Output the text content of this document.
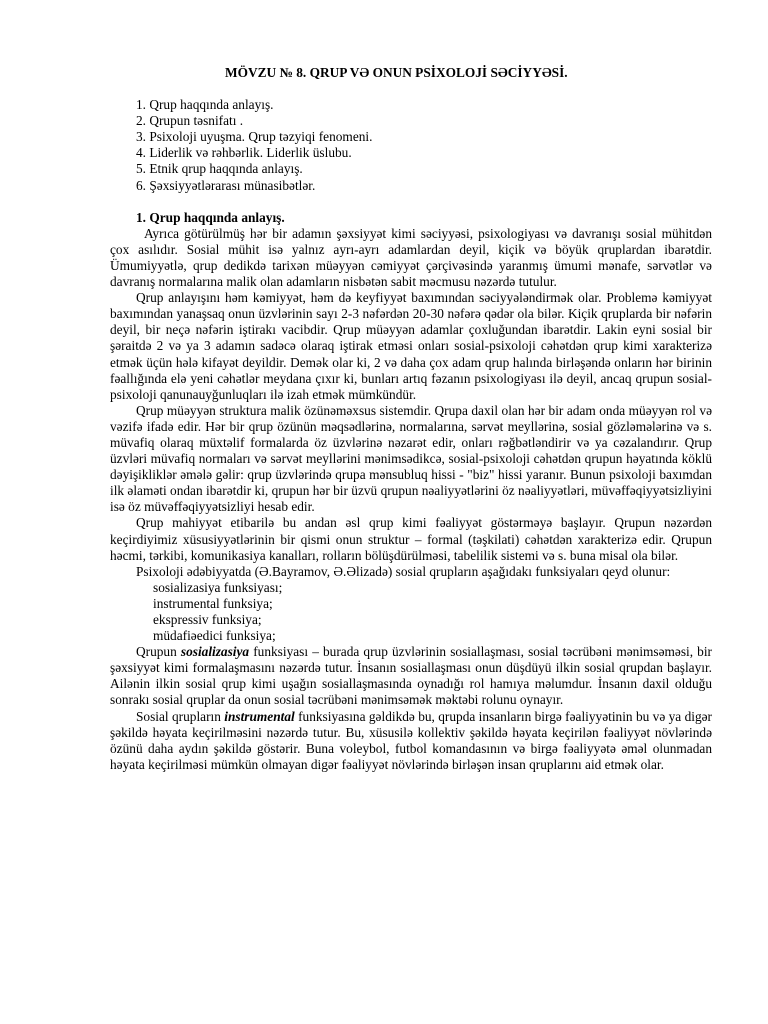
MÖVZU № 8. QRUP VƏ ONUN PSİXOLOJİ SƏCİYYƏSİ.
1. Qrup haqqında anlayış.
2. Qrupun təsnifatı .
3. Psixoloji uyuşma. Qrup təzyiqi fenomeni.
4. Liderlik və rəhbərlik. Liderlik üslubu.
5. Etnik qrup haqqında anlayış.
6. Şəxsiyyətlərarası münasibətlər.
1. Qrup haqqında anlayış.

Ayrıca götürülmüş hər bir adamın şəxsiyyət kimi səciyyəsi, psixologiyası və davranışı sosial mühitdən çox asılıdır. Sosial mühit isə yalnız ayrı-ayrı adamlardan deyil, kiçik və böyük qruplardan ibarətdir. Ümumiyyətlə, qrup dedikdə tarixən müəyyən cəmiyyət çərçivəsində yaranmış ümumi mənafe, sərvətlər və davranış normalarına malik olan adamların nisbətən sabit məcmusu nəzərdə tutulur.

Qrup anlayışını həm kəmiyyət, həm də keyfiyyət baxımından səciyyələndirmək olar. Problemə kəmiyyət baxımından yanaşsaq onun üzvlərinin sayı 2-3 nəfərdən 20-30 nəfərə qədər ola bilər. Kiçik qruplarda bir nəfərin deyil, bir neçə nəfərin iştirakı vacibdir. Qrup müəyyən adamlar çoxluğundan ibarətdir. Lakin eyni sosial bir şəraitdə 2 və ya 3 adamın sadəcə olaraq iştirak etməsi onları sosial-psixoloji cəhətdən qrup kimi xarakterizə etmək üçün hələ kifayət deyildir. Demək olar ki, 2 və daha çox adam qrup halında birləşəndə onların hər birinin fəallığında elə yeni cəhətlər meydana çıxır ki, bunları artıq fəzanın psixologiyası ilə deyil, ancaq qrupun sosial-psixoloji qanunauyğunluqları ilə izah etmək mümkündür.

Qrup müəyyən struktura malik özünəməxsus sistemdir. Qrupa daxil olan hər bir adam onda müəyyən rol və vəzifə ifadə edir. Hər bir qrup özünün məqsədlərinə, normalarına, sərvət meyllərinə, sosial gözləmələrinə və s. müvafiq olaraq müxtəlif formalarda öz üzvlərinə nəzarət edir, onları rəğbətləndirir və ya cəzalandırır. Qrup üzvləri müvafiq normaları və sərvət meyllərini mənimsədikcə, sosial-psixoloji cəhətdən qrupun həyatında köklü dəyişikliklər əmələ gəlir: qrup üzvlərində qrupa mənsubluq hissi - "biz" hissi yaranır. Bunun psixoloji baxımdan ilk əlaməti ondan ibarətdir ki, qrupun hər bir üzvü qrupun nəaliyyətlərini öz nəaliyyətləri, müvəffəqiyyətsizliyini isə öz müvəffəqiyyətsizliyi hesab edir.

Qrup mahiyyət etibarilə bu andan əsl qrup kimi fəaliyyət göstərməyə başlayır. Qrupun nəzərdən keçirdiyimiz xüsusiyyətlərinin bir qismi onun struktur – formal (təşkilati) cəhətdən xarakterizə edir. Qrupun həcmi, tərkibi, komunikasiya kanalları, rolların bölüşdürülməsi, tabelilik sistemi və s. buna misal ola bilər.

Psixoloji ədəbiyyatda (Ə.Bayramov, Ə.Əlizadə) sosial qrupların aşağıdakı funksiyaları qeyd olunur:

sosializasiya funksiyası;
instrumental funksiya;
ekspressiv funksiya;
müdafiəedici funksiya;

Qrupun sosializasiya funksiyası – burada qrup üzvlərinin sosiallaşması, sosial təcrübəni mənimsəməsi, bir şəxsiyyət kimi formalaşmasını nəzərdə tutur. İnsanın sosiallaşması onun düşdüyü ilkin sosial qrupdan başlayır. Ailənin ilkin sosial qrup kimi uşağın sosiallaşmasında oynadığı rol hamıya məlumdur. İnsanın daxil olduğu sonrakı sosial qruplar da onun sosial təcrübəni mənimsəmək məktəbi rolunu oynayır.

Sosial qrupların instrumental funksiyasına gəldikdə bu, qrupda insanların birgə fəaliyyətinin bu və ya digər şəkildə həyata keçirilməsini nəzərdə tutur. Bu, xüsusilə kollektiv şəkildə həyata keçirilən fəaliyyət növlərində özünü daha aydın şəkildə göstərir. Buna voleybol, futbol komandasının və birgə fəaliyyətə əməl olunmadan həyata keçirilməsi mümkün olmayan digər fəaliyyət növlərində birləşən insan qruplarını aid etmək olar.
